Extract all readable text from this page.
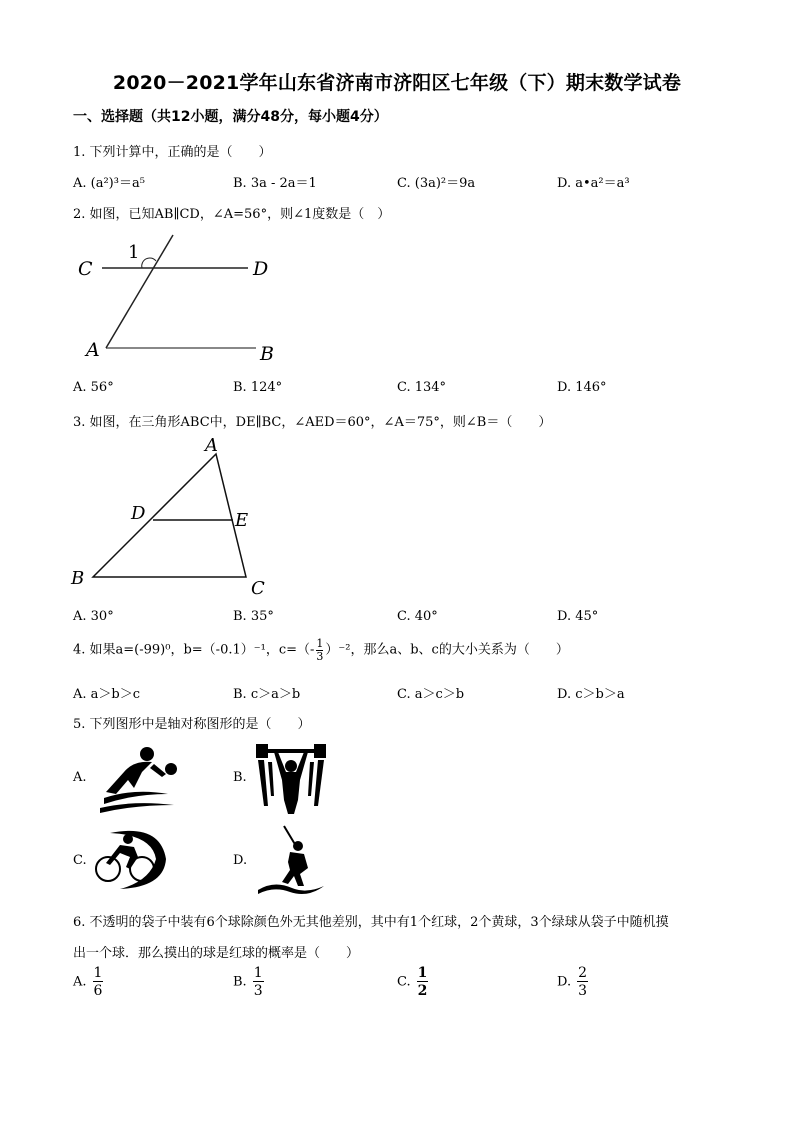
2020－2021学年山东省济南市济阳区七年级（下）期末数学试卷
一、选择题（共12小题，满分48分，每小题4分）
1. 下列计算中，正确的是（　　）
A. (a²)³＝a⁵	B. 3a - 2a＝1	C. (3a)²＝9a	D. a•a²＝a³
2. 如图，已知AB∥CD，∠A=56°，则∠1度数是（　）
C	D
A	B
1
A. 56°	B. 124°	C. 134°	D. 146°
3. 如图，在三角形ABC中，DE∥BC，∠AED＝60°，∠A＝75°，则∠B＝（　　）
A
B	C
D	E
A. 30°	B. 35°	C. 40°	D. 45°
4. 如果a=(-99)⁰，b=（-0.1）⁻¹，$c=(- \frac{1}{3} )^{-2}$，那么a、b、c的大小关系为（　　）
A. a＞b＞c	B. c＞a＞b	C. a＞c＞b	D. c＞b＞a
5. 下列图形中是轴对称图形的是（　　）
A.	B.
C.	D.
6. 不透明的袋子中装有6个球除颜色外无其他差别，其中有1个红球，2个黄球，3个绿球从袋子中随机摸
出一个球．那么摸出的球是红球的概率是（　　）
A. $\frac{1}{6}$	B. $\frac{1}{3}$	C. $\frac{1}{2}$	D. $\frac{2}{3}$
